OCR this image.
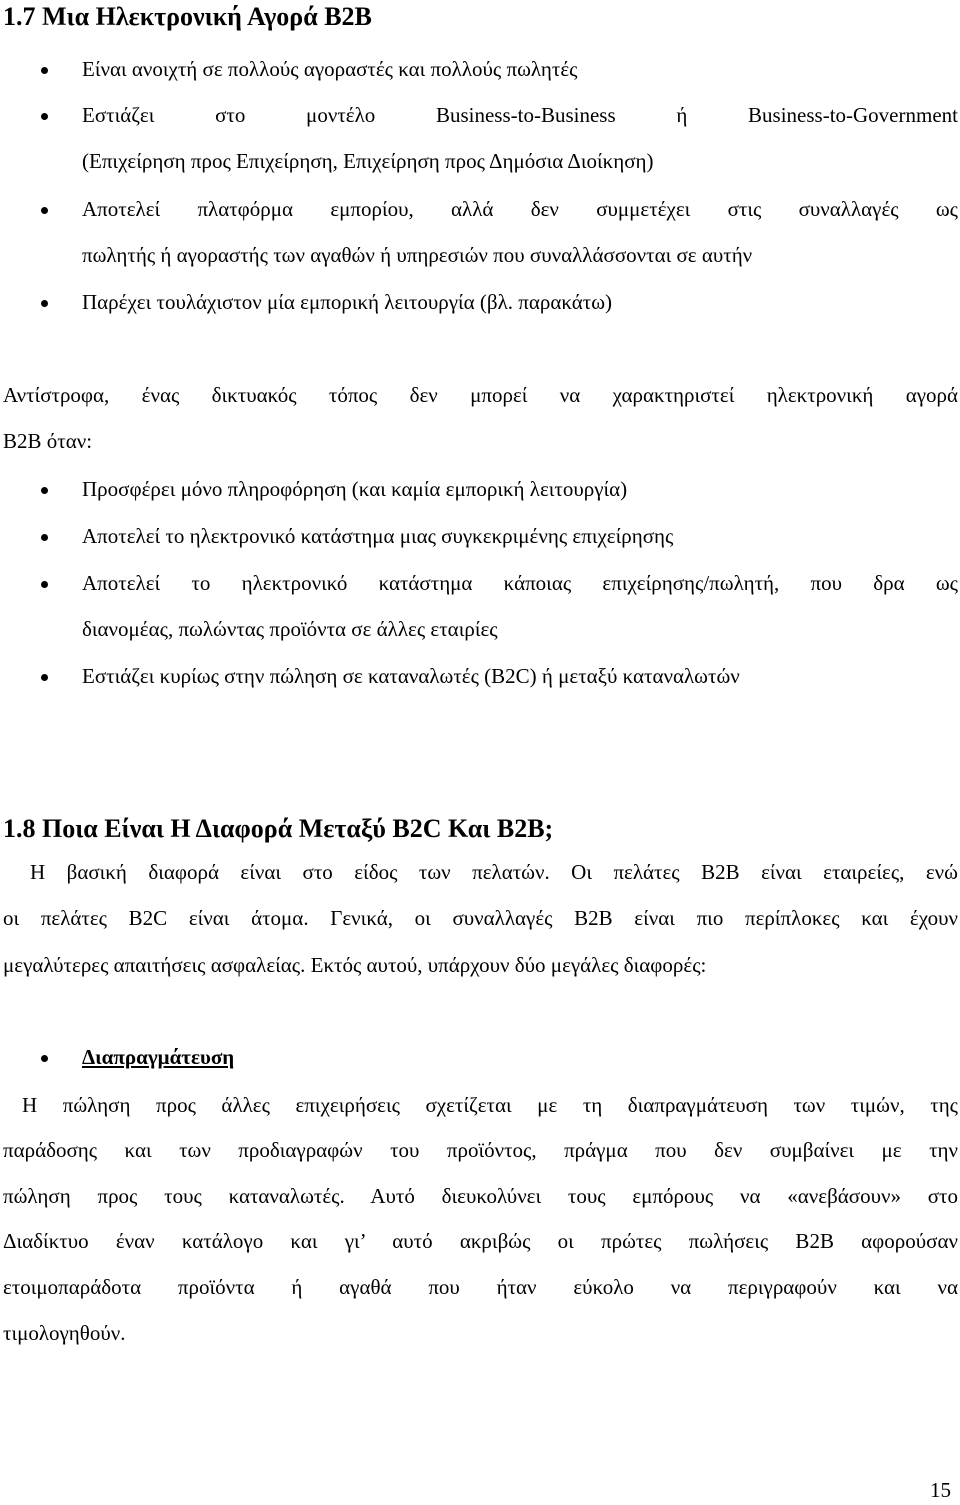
1.7 Μια Ηλεκτρονική Αγορά B2B
Είναι ανοιχτή σε πολλούς αγοραστές και πολλούς πωλητές
Εστιάζει στο μοντέλο Business-to-Business ή Business-to-Government
(Επιχείρηση προς Επιχείρηση, Επιχείρηση προς Δημόσια Διοίκηση)
Αποτελεί πλατφόρμα εμπορίου, αλλά δεν συμμετέχει στις συναλλαγές ως
πωλητής ή αγοραστής των αγαθών ή υπηρεσιών που συναλλάσσονται σε αυτήν
Παρέχει τουλάχιστον μία εμπορική λειτουργία (βλ. παρακάτω)
Αντίστροφα, ένας δικτυακός τόπος δεν μπορεί να χαρακτηριστεί ηλεκτρονική αγορά
B2B όταν:
Προσφέρει μόνο πληροφόρηση (και καμία εμπορική λειτουργία)
Αποτελεί το ηλεκτρονικό κατάστημα μιας συγκεκριμένης επιχείρησης
Αποτελεί το ηλεκτρονικό κατάστημα κάποιας επιχείρησης/πωλητή, που δρα ως
διανομέας, πωλώντας προϊόντα σε άλλες εταιρίες
Εστιάζει κυρίως στην πώληση σε καταναλωτές (B2C) ή μεταξύ καταναλωτών
1.8 Ποια Είναι Η Διαφορά Μεταξύ B2C Και B2B;
Η βασική διαφορά είναι στο είδος των πελατών. Οι πελάτες B2B είναι εταιρείες, ενώ
οι πελάτες B2C είναι άτομα. Γενικά, οι συναλλαγές B2B είναι πιο περίπλοκες και έχουν
μεγαλύτερες απαιτήσεις ασφαλείας. Εκτός αυτού, υπάρχουν δύο μεγάλες διαφορές:
Διαπραγμάτευση
Η πώληση προς άλλες επιχειρήσεις σχετίζεται με τη διαπραγμάτευση των τιμών, της
παράδοσης και των προδιαγραφών του προϊόντος, πράγμα που δεν συμβαίνει με την
πώληση προς τους καταναλωτές. Αυτό διευκολύνει τους εμπόρους να «ανεβάσουν» στο
Διαδίκτυο έναν κατάλογο και γι’ αυτό ακριβώς οι πρώτες πωλήσεις B2B αφορούσαν
ετοιμοπαράδοτα προϊόντα ή αγαθά που ήταν εύκολο να περιγραφούν και να
τιμολογηθούν.
15
